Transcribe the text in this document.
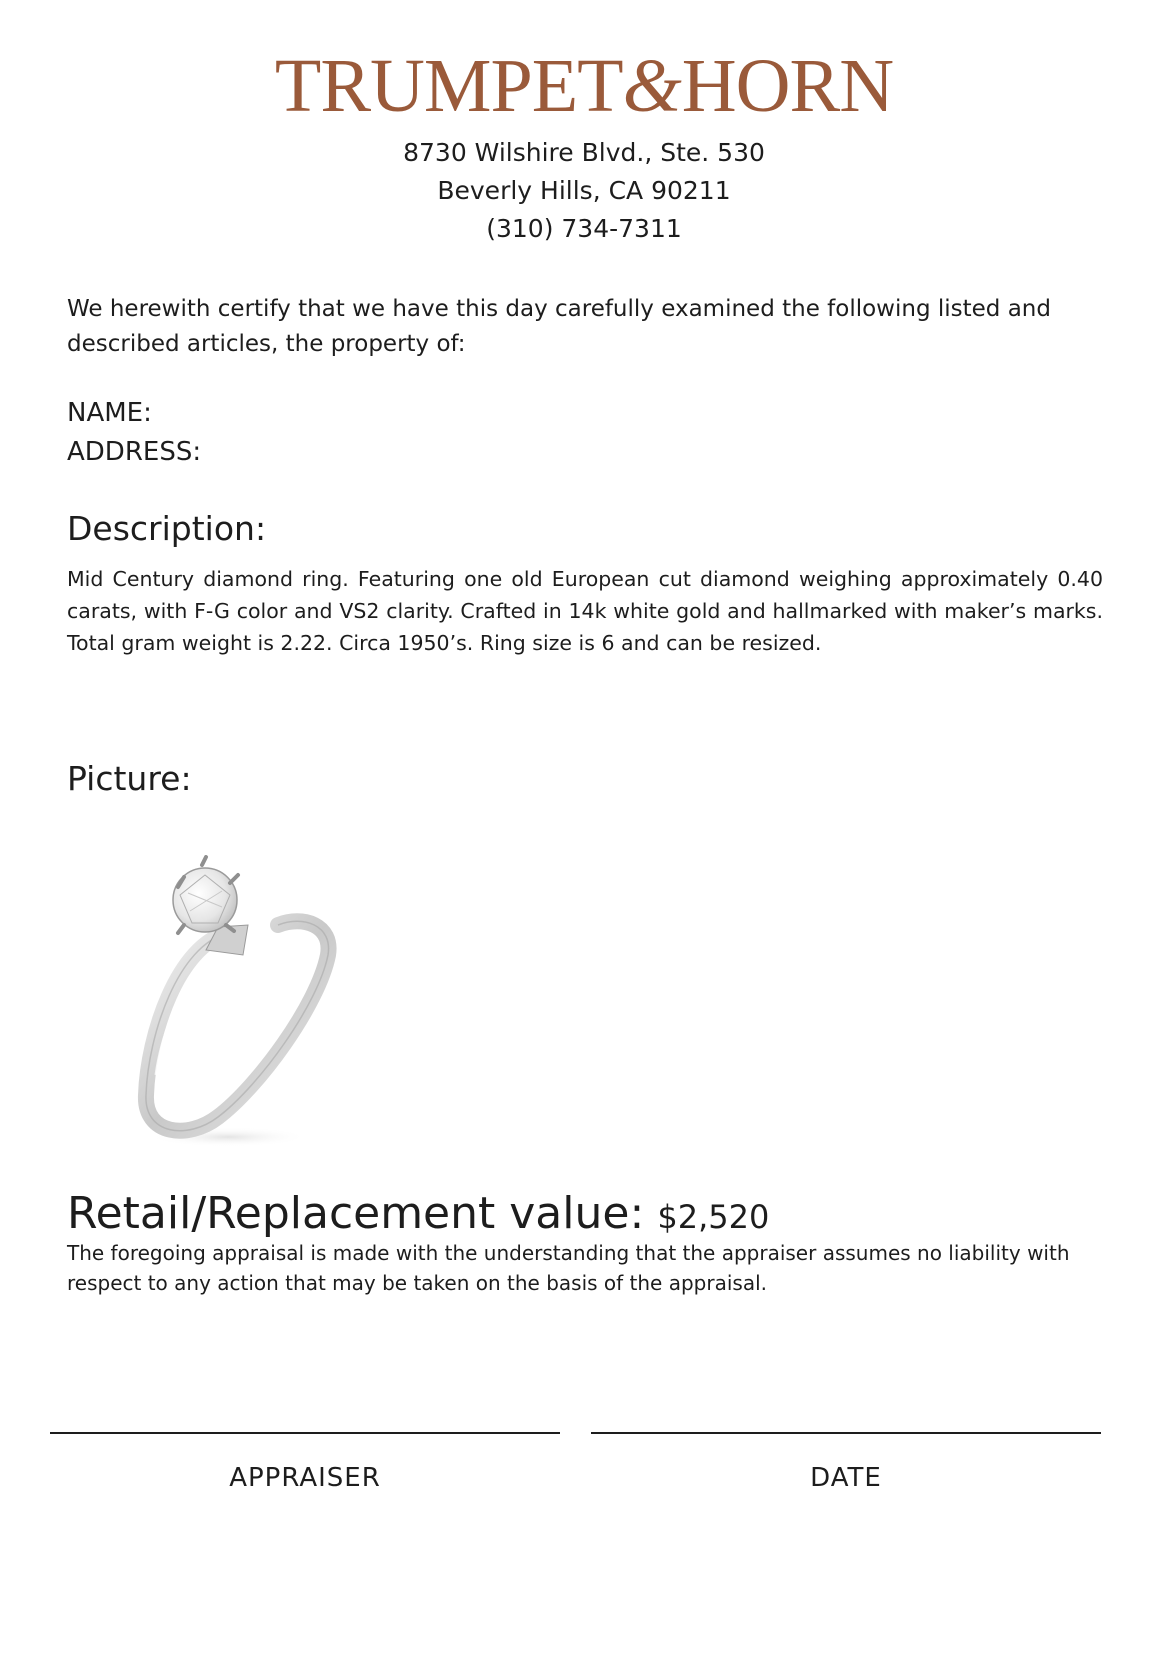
TRUMPET&HORN
8730 Wilshire Blvd., Ste. 530
Beverly Hills, CA 90211
(310) 734-7311
We herewith certify that we have this day carefully examined the following listed and described articles, the property of:
NAME:
ADDRESS:
Description:
Mid Century diamond ring. Featuring one old European cut diamond weighing approximately 0.40 carats, with F-G color and VS2 clarity. Crafted in 14k white gold and hallmarked with maker’s marks. Total gram weight is 2.22. Circa 1950’s. Ring size is 6 and can be resized.
Picture:
Retail/Replacement value: $2,520
The foregoing appraisal is made with the understanding that the appraiser assumes no liability with respect to any action that may be taken on the basis of the appraisal.
APPRAISER	DATE
